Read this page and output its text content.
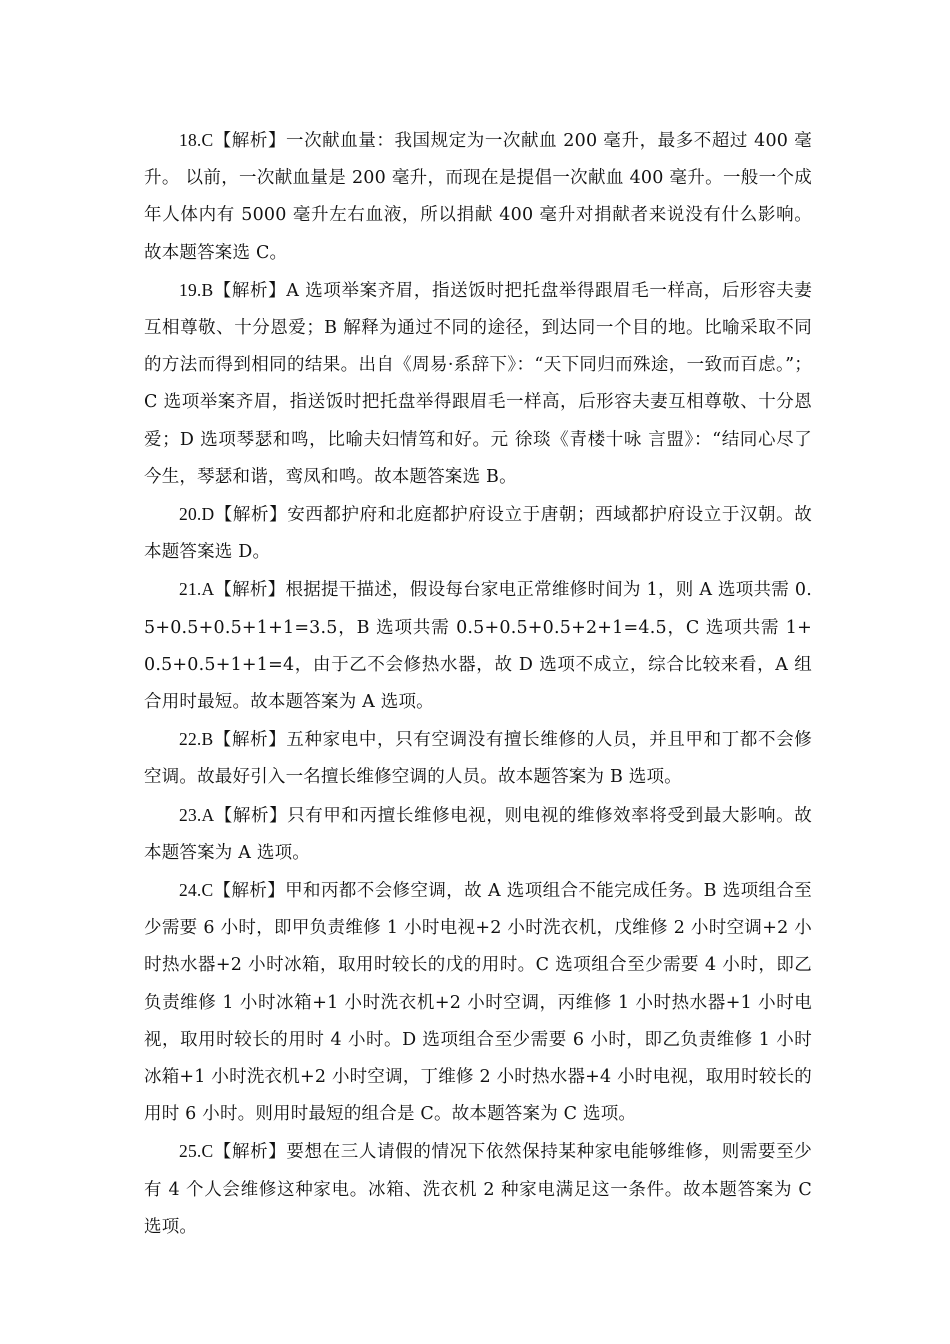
18.C【解析】一次献血量：我国规定为一次献血 200 毫升，最多不超过 400 毫升。 以前，一次献血量是 200 毫升，而现在是提倡一次献血 400 毫升。一般一个成年人体内有 5000 毫升左右血液，所以捐献 400 毫升对捐献者来说没有什么影响。故本题答案选 C。

19.B【解析】A 选项举案齐眉，指送饭时把托盘举得跟眉毛一样高，后形容夫妻互相尊敬、十分恩爱；B 解释为通过不同的途径，到达同一个目的地。比喻采取不同的方法而得到相同的结果。出自《周易·系辞下》：“天下同归而殊途，一致而百虑。”；C 选项举案齐眉，指送饭时把托盘举得跟眉毛一样高，后形容夫妻互相尊敬、十分恩爱；D 选项琴瑟和鸣，比喻夫妇情笃和好。元 徐琰《青楼十咏 言盟》：“结同心尽了今生，琴瑟和谐，鸾凤和鸣。故本题答案选 B。

20.D【解析】安西都护府和北庭都护府设立于唐朝；西域都护府设立于汉朝。故本题答案选 D。

21.A【解析】根据提干描述，假设每台家电正常维修时间为 1，则 A 选项共需 0.5+0.5+0.5+1+1=3.5，B 选项共需 0.5+0.5+0.5+2+1=4.5，C 选项共需 1+0.5+0.5+1+1=4，由于乙不会修热水器，故 D 选项不成立，综合比较来看，A 组合用时最短。故本题答案为 A 选项。

22.B【解析】五种家电中，只有空调没有擅长维修的人员，并且甲和丁都不会修空调。故最好引入一名擅长维修空调的人员。故本题答案为 B 选项。

23.A【解析】只有甲和丙擅长维修电视，则电视的维修效率将受到最大影响。故本题答案为 A 选项。

24.C【解析】甲和丙都不会修空调，故 A 选项组合不能完成任务。B 选项组合至少需要 6 小时，即甲负责维修 1 小时电视+2 小时洗衣机，戊维修 2 小时空调+2 小时热水器+2 小时冰箱，取用时较长的戊的用时。C 选项组合至少需要 4 小时，即乙负责维修 1 小时冰箱+1 小时洗衣机+2 小时空调，丙维修 1 小时热水器+1 小时电视，取用时较长的用时 4 小时。D 选项组合至少需要 6 小时，即乙负责维修 1 小时冰箱+1 小时洗衣机+2 小时空调，丁维修 2 小时热水器+4 小时电视，取用时较长的用时 6 小时。则用时最短的组合是 C。故本题答案为 C 选项。

25.C【解析】要想在三人请假的情况下依然保持某种家电能够维修，则需要至少有 4 个人会维修这种家电。冰箱、洗衣机 2 种家电满足这一条件。故本题答案为 C 选项。
